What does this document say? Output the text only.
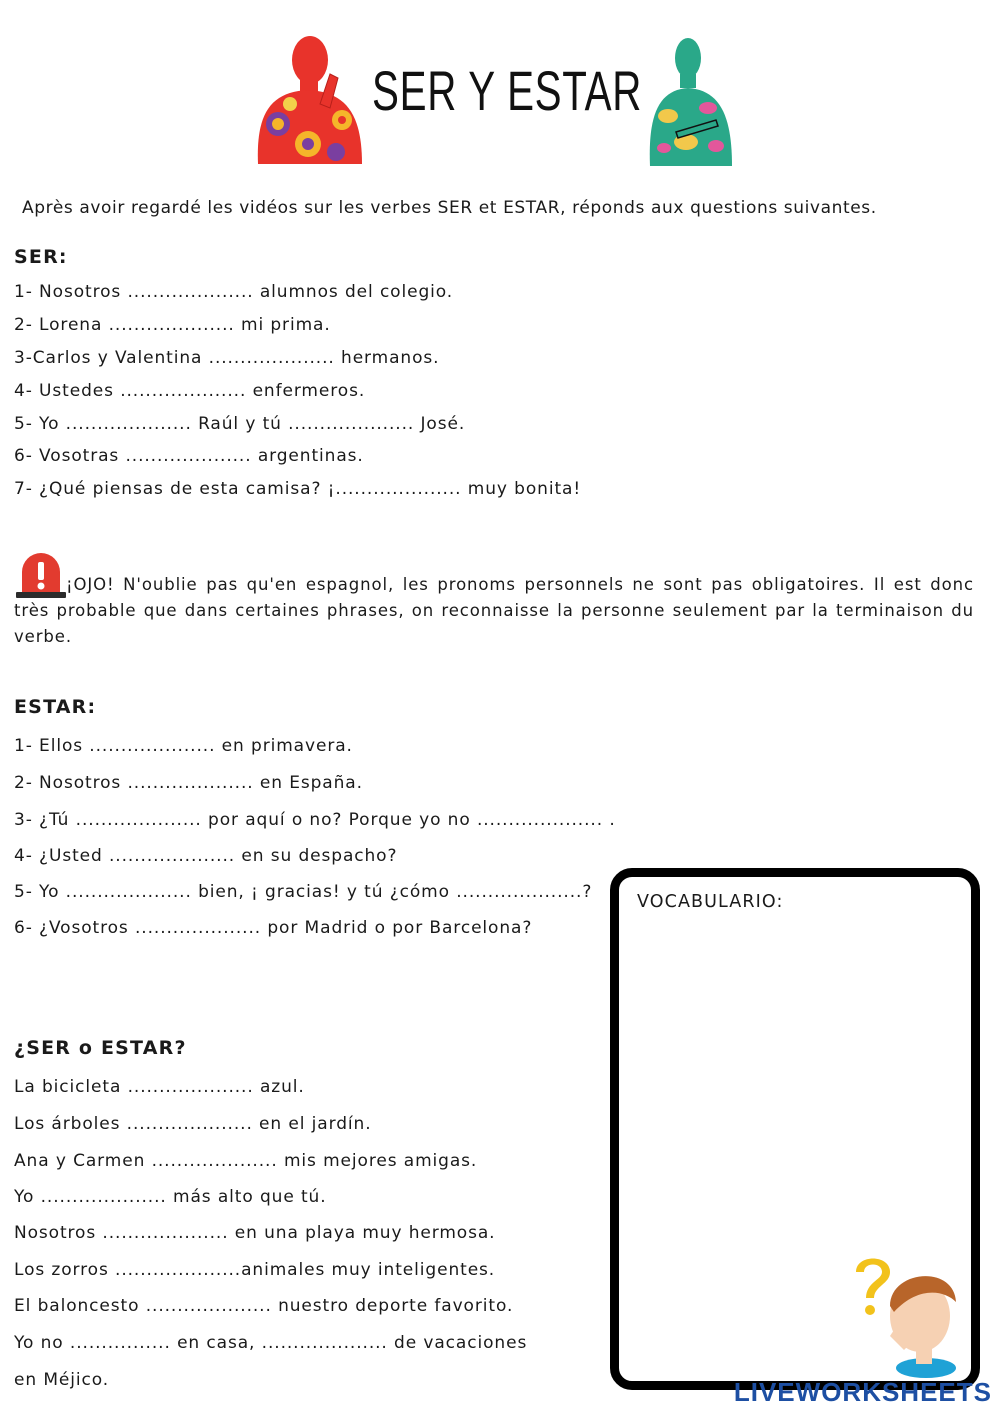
SER Y ESTAR
Après avoir regardé les vidéos sur les verbes SER et ESTAR, réponds aux questions suivantes.
SER:
1- Nosotros .................... alumnos del colegio.
2- Lorena .................... mi prima.
3-Carlos y Valentina .................... hermanos.
4- Ustedes .................... enfermeros.
5- Yo .................... Raúl y tú .................... José.
6- Vosotras .................... argentinas.
7- ¿Qué piensas de esta camisa? ¡.................... muy bonita!
¡OJO! N'oublie pas qu'en espagnol, les pronoms personnels ne sont pas obligatoires. Il est donc très probable que dans certaines phrases, on reconnaisse la personne seulement par la terminaison du verbe.
ESTAR:
1- Ellos .................... en primavera.
2- Nosotros .................... en España.
3- ¿Tú .................... por aquí o no? Porque yo no .................... .
4- ¿Usted .................... en su despacho?
5- Yo .................... bien, ¡ gracias! y tú ¿cómo ....................?
6- ¿Vosotros .................... por Madrid o por Barcelona?
¿SER o ESTAR?
La bicicleta .................... azul.
Los árboles .................... en el jardín.
Ana y Carmen .................... mis mejores amigas.
Yo .................... más alto que tú.
Nosotros .................... en una playa muy hermosa.
Los zorros ....................animales muy inteligentes.
El baloncesto .................... nuestro deporte favorito.
Yo no ................ en casa, .................... de vacaciones
en Méjico.
VOCABULARIO:
LIVEWORKSHEETS
